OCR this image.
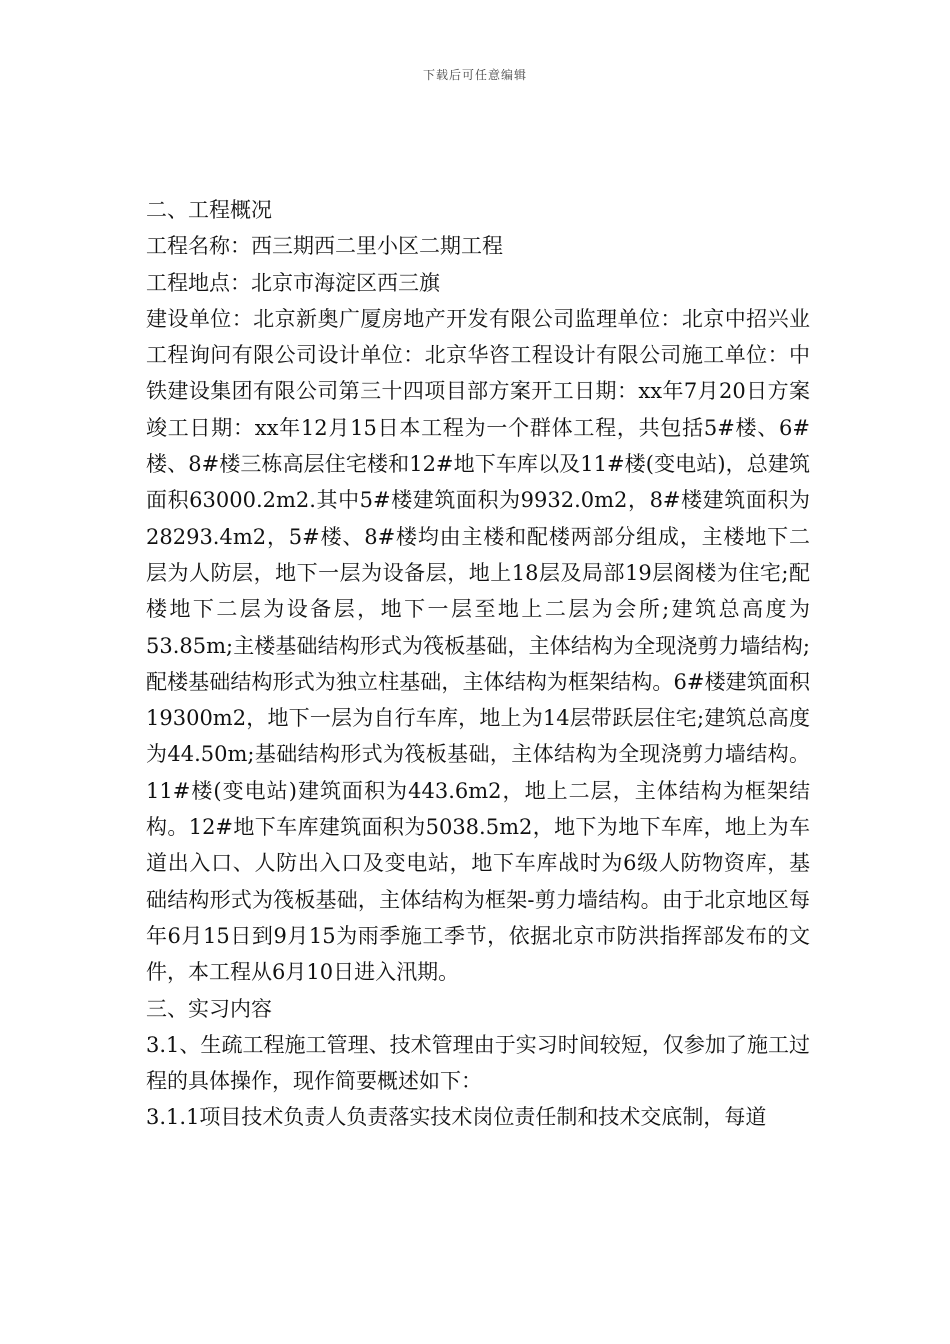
下载后可任意编辑

二、工程概况

工程名称：西三期西二里小区二期工程

工程地点：北京市海淀区西三旗

建设单位：北京新奥广厦房地产开发有限公司监理单位：北京中招兴业工程询问有限公司设计单位：北京华咨工程设计有限公司施工单位：中铁建设集团有限公司第三十四项目部方案开工日期：xx年7月20日方案竣工日期：xx年12月15日本工程为一个群体工程，共包括5#楼、6#楼、8#楼三栋高层住宅楼和12#地下车库以及11#楼(变电站)，总建筑面积63000.2m2.其中5#楼建筑面积为9932.0m2，8#楼建筑面积为28293.4m2，5#楼、8#楼均由主楼和配楼两部分组成，主楼地下二层为人防层，地下一层为设备层，地上18层及局部19层阁楼为住宅;配楼地下二层为设备层，地下一层至地上二层为会所;建筑总高度为53.85m;主楼基础结构形式为筏板基础，主体结构为全现浇剪力墙结构;配楼基础结构形式为独立柱基础，主体结构为框架结构。6#楼建筑面积19300m2，地下一层为自行车库，地上为14层带跃层住宅;建筑总高度为44.50m;基础结构形式为筏板基础，主体结构为全现浇剪力墙结构。11#楼(变电站)建筑面积为443.6m2，地上二层，主体结构为框架结构。12#地下车库建筑面积为5038.5m2，地下为地下车库，地上为车道出入口、人防出入口及变电站，地下车库战时为6级人防物资库，基础结构形式为筏板基础，主体结构为框架-剪力墙结构。由于北京地区每年6月15日到9月15为雨季施工季节，依据北京市防洪指挥部发布的文件，本工程从6月10日进入汛期。

三、实习内容

3.1、生疏工程施工管理、技术管理由于实习时间较短，仅参加了施工过程的具体操作，现作简要概述如下：

3.1.1项目技术负责人负责落实技术岗位责任制和技术交底制，每道
